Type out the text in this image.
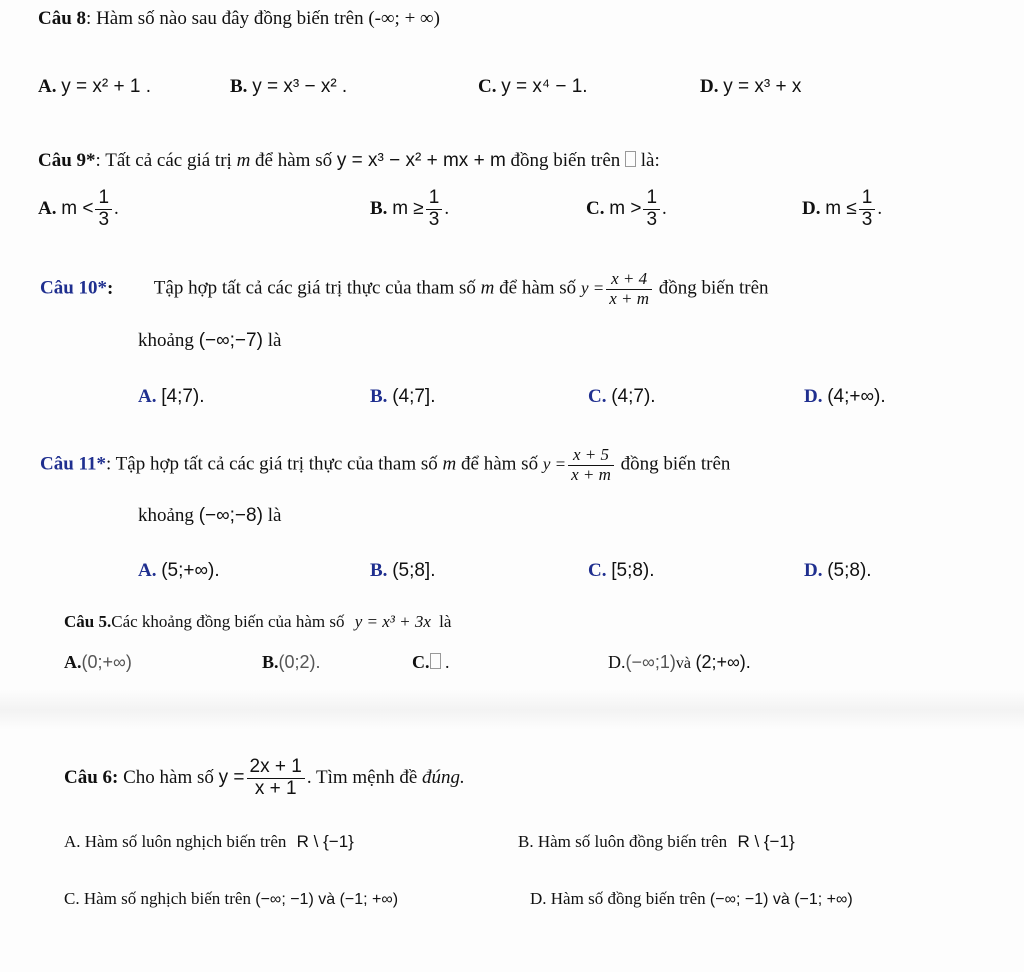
Câu 8: Hàm số nào sau đây đồng biến trên (-∞; + ∞)
A. y = x² + 1 .	B. y = x³ − x² .	C. y = x⁴ − 1.	D. y = x³ + x
Câu 9*: Tất cả các giá trị m để hàm số y = x³ − x² + mx + m đồng biến trên là:
A. $m < \frac{1}{3}$ .	B. $m \ge \frac{1}{3}$ .	C. $m > \frac{1}{3}$ .	D. $m \le \frac{1}{3}$ .
Câu 10*: Tập hợp tất cả các giá trị thực của tham số m để hàm số $y = \frac{x + 4}{x + m}$ đồng biến trên
khoảng (−∞;−7) là
A. [4;7).	B. (4;7].	C. (4;7).	D. (4;+∞).
Câu 11*: Tập hợp tất cả các giá trị thực của tham số m để hàm số $y = \frac{x + 5}{x + m}$ đồng biến trên
khoảng (−∞;−8) là
A. (5;+∞).	B. (5;8].	C. [5;8).	D. (5;8).
Câu 5.Các khoảng đồng biến của hàm số y = x³ + 3x là
A.(0;+∞)	B.(0;2).	C. .	D.(−∞;1)và (2;+∞).
Câu 6: Cho hàm số $y = \frac{2x + 1}{x + 1}$ . Tìm mệnh đề đúng.
A. Hàm số luôn nghịch biến trên R \ {−1}	B. Hàm số luôn đồng biến trên R \ {−1}
C. Hàm số nghịch biến trên (−∞; −1) và (−1; +∞)	D. Hàm số đồng biến trên (−∞; −1) và (−1; +∞)
